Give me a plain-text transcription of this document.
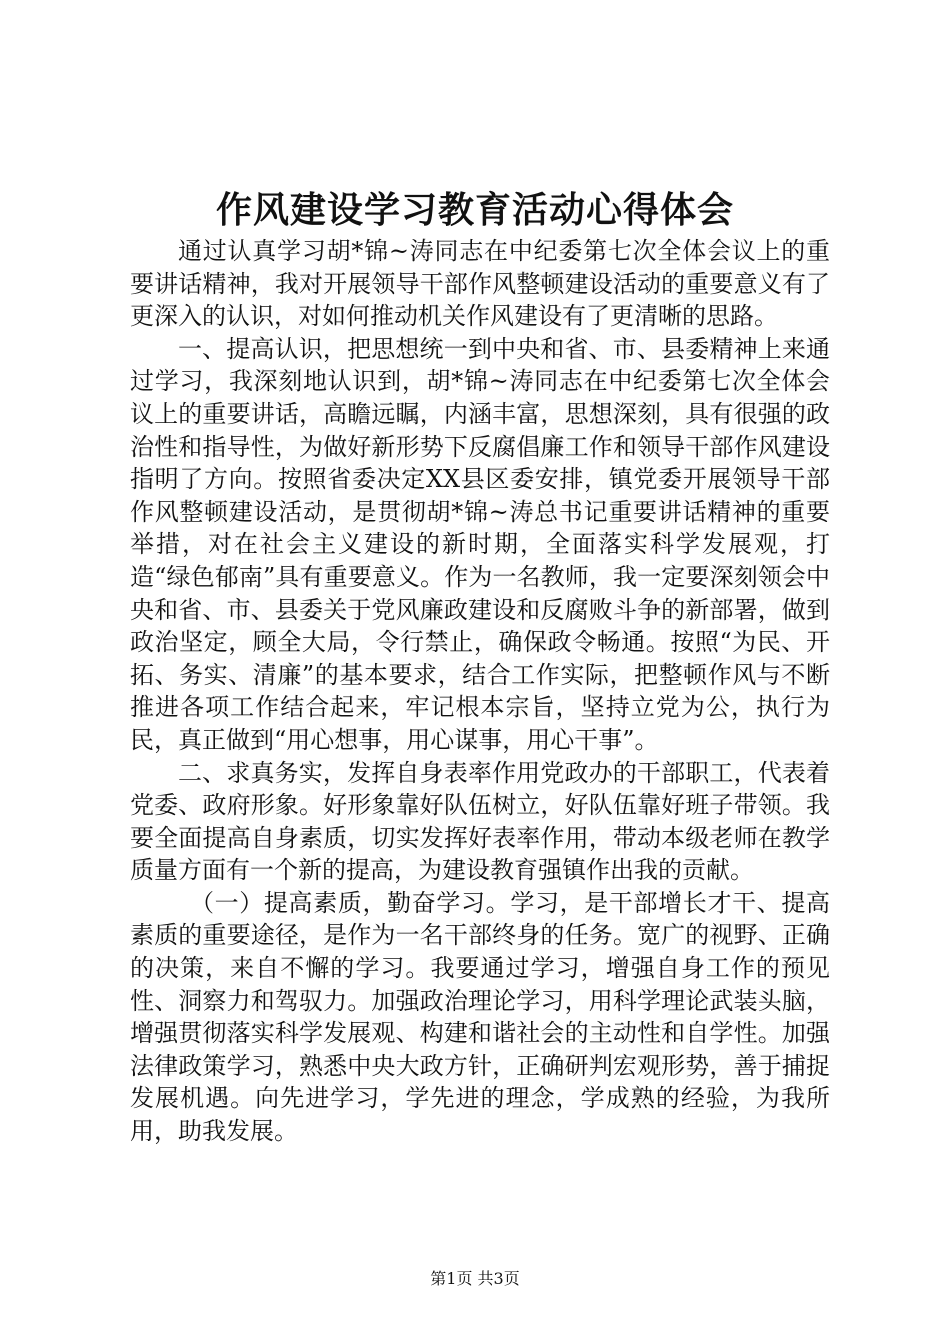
作风建设学习教育活动心得体会

通过认真学习胡*锦~涛同志在中纪委第七次全体会议上的重要讲话精神，我对开展领导干部作风整顿建设活动的重要意义有了更深入的认识，对如何推动机关作风建设有了更清晰的思路。

一、提高认识，把思想统一到中央和省、市、县委精神上来通过学习，我深刻地认识到，胡*锦~涛同志在中纪委第七次全体会议上的重要讲话，高瞻远瞩，内涵丰富，思想深刻，具有很强的政治性和指导性，为做好新形势下反腐倡廉工作和领导干部作风建设指明了方向。按照省委决定XX县区委安排，镇党委开展领导干部作风整顿建设活动，是贯彻胡*锦~涛总书记重要讲话精神的重要举措，对在社会主义建设的新时期，全面落实科学发展观，打造“绿色郁南”具有重要意义。作为一名教师，我一定要深刻领会中央和省、市、县委关于党风廉政建设和反腐败斗争的新部署，做到政治坚定，顾全大局，令行禁止，确保政令畅通。按照“为民、开拓、务实、清廉”的基本要求，结合工作实际，把整顿作风与不断推进各项工作结合起来，牢记根本宗旨，坚持立党为公，执行为民，真正做到“用心想事，用心谋事，用心干事”。

二、求真务实，发挥自身表率作用党政办的干部职工，代表着党委、政府形象。好形象靠好队伍树立，好队伍靠好班子带领。我要全面提高自身素质，切实发挥好表率作用，带动本级老师在教学质量方面有一个新的提高，为建设教育强镇作出我的贡献。

（一）提高素质，勤奋学习。学习，是干部增长才干、提高素质的重要途径，是作为一名干部终身的任务。宽广的视野、正确的决策，来自不懈的学习。我要通过学习，增强自身工作的预见性、洞察力和驾驭力。加强政治理论学习，用科学理论武装头脑，增强贯彻落实科学发展观、构建和谐社会的主动性和自学性。加强法律政策学习，熟悉中央大政方针，正确研判宏观形势，善于捕捉发展机遇。向先进学习，学先进的理念，学成熟的经验，为我所用，助我发展。

第1页 共3页
